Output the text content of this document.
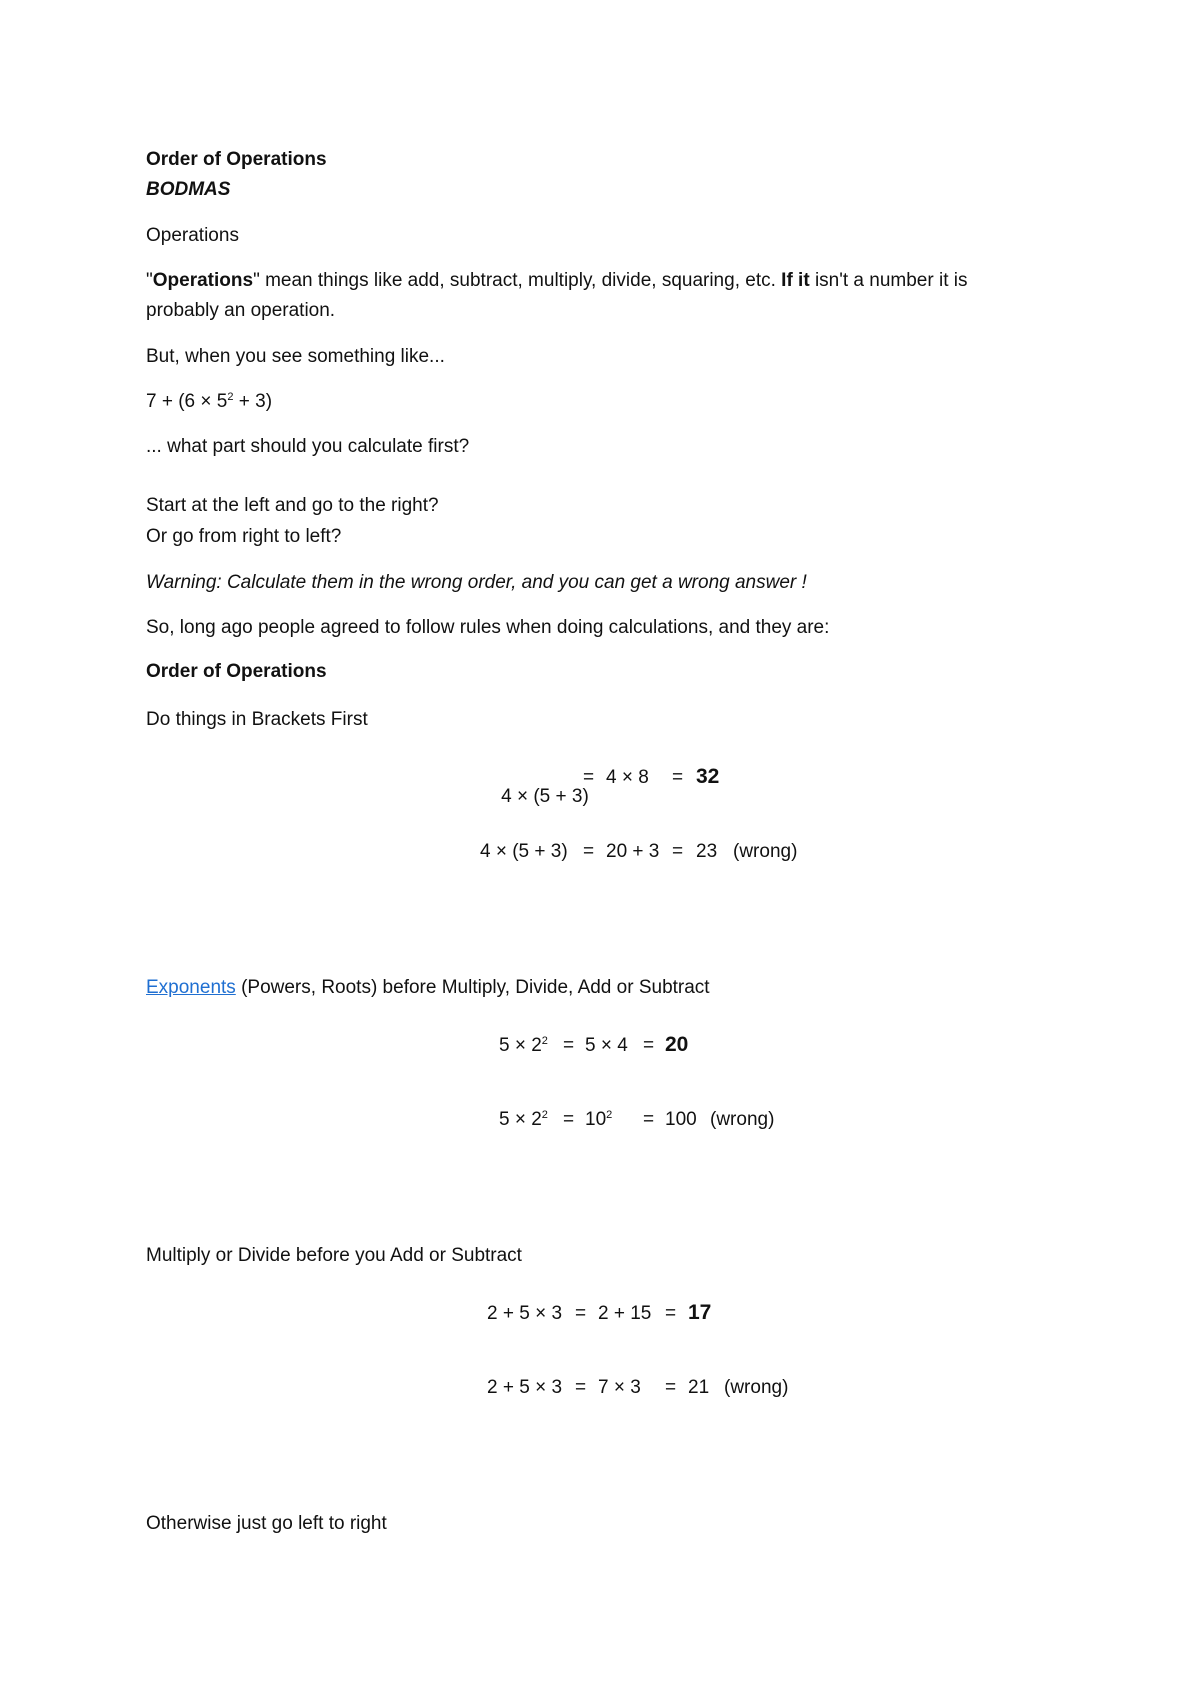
Order of Operations
BODMAS
Operations
"Operations" mean things like add, subtract, multiply, divide, squaring, etc. If it isn't a number it is
probably an operation.
But, when you see something like...
$7 + (6 \times 5^2 + 3)$
... what part should you calculate first?
Start at the left and go to the right?
Or go from right to left?
Warning: Calculate them in the wrong order, and you can get a wrong answer !
So, long ago people agreed to follow rules when doing calculations, and they are:
Order of Operations
Do things in Brackets First

4 × (5 + 3)

= 4 × 8 = 32
4 × (5 + 3) = 20 + 3 = 23 (wrong)
Exponents (Powers, Roots) before Multiply, Divide, Add or Subtract
$5 \times 2^2 = 5 \times 4 = 20$
$5 \times 2^2 = 10^2 = 100$ (wrong)
Multiply or Divide before you Add or Subtract
2 + 5 × 3 = 2 + 15 = 17
2 + 5 × 3 = 7 × 3 = 21 (wrong)
Otherwise just go left to right
